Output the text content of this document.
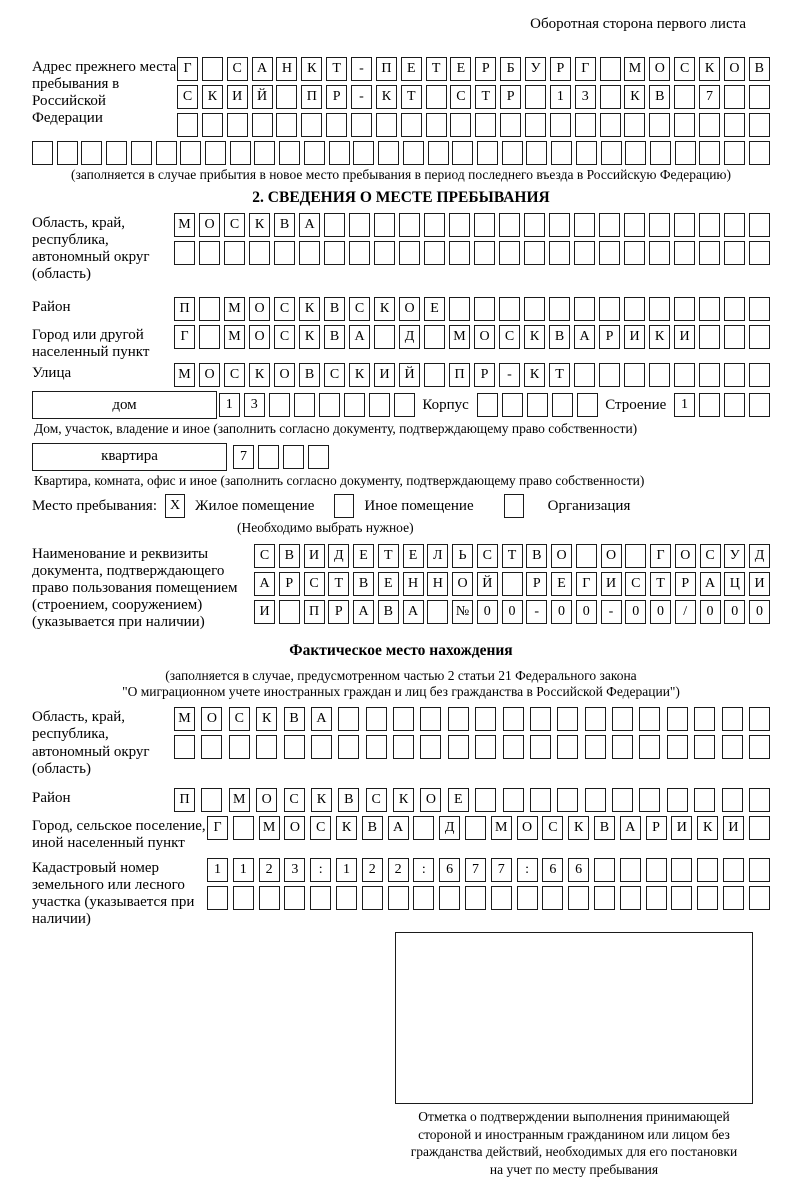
Оборотная сторона первого листа
Адрес прежнего места пребывания в Российской Федерации
Г	С	А	Н	К	Т	-	П	Е	Т	Е	Р	Б	У	Р	Г	М О	С	К	О	В
С	К	И	Й	П	Р	-	К	Т	С	Т	Р	1	3	К	В	7
(заполняется в случае прибытия в новое место пребывания в период последнего въезда в Российскую Федерацию)
2. СВЕДЕНИЯ О МЕСТЕ ПРЕБЫВАНИЯ
Область, край, республика, автономный округ (область)
М О	С	К	В	А
Район	П	М О	С	К	В	С	К	О	Е
Город или другой населенный пункт
Г	М О	С	К	В	А	Д	М О	С	К	В	А	Р	И	К	И
Улица	М О	С	К	О	В	С	К	И	Й	П	Р	-	К	Т
дом	1	3	Корпус	Строение	1
Дом, участок, владение и иное (заполнить согласно документу, подтверждающему право собственности)
квартира	7
Квартира, комната, офис и иное (заполнить согласно документу, подтверждающему право собственности)
Место пребывания: X Жилое помещение	Иное помещение	Организация
(Необходимо выбрать нужное)
Наименование и реквизиты документа, подтверждающего право пользования помещением (строением, сооружением) (указывается при наличии)
С	В	И	Д	Е	Т	Е	Л	Ь	С	Т	В	О	О	Г	О	С	У	Д
А	Р	С	Т	В	Е	Н	Н	О	Й	Р	Е	Г	И	С	Т	Р	А	Ц	И
И	П	Р	А	В	А	№	0	0	-	0	0	-	0	0	/	0	0	0
Фактическое место нахождения
(заполняется в случае, предусмотренном частью 2 статьи 21 Федерального закона
"О миграционном учете иностранных граждан и лиц без гражданства в Российской Федерации")
Область, край, республика, автономный округ (область)
М	О	С	К	В	А
Район	П	М	О	С	К	В	С	К	О	Е
Город, сельское поселение, иной населенный пункт
Г	М	О	С	К	В	А	Д	М	О	С	К	В	А	Р	И	К	И
Кадастровый номер земельного или лесного участка (указывается при наличии)
1	1	2	3	:	1	2	2	:	6	7	7	:	6	6
Отметка о подтверждении выполнения принимающей
стороной и иностранным гражданином или лицом без
гражданства действий, необходимых для его постановки
на учет по месту пребывания
